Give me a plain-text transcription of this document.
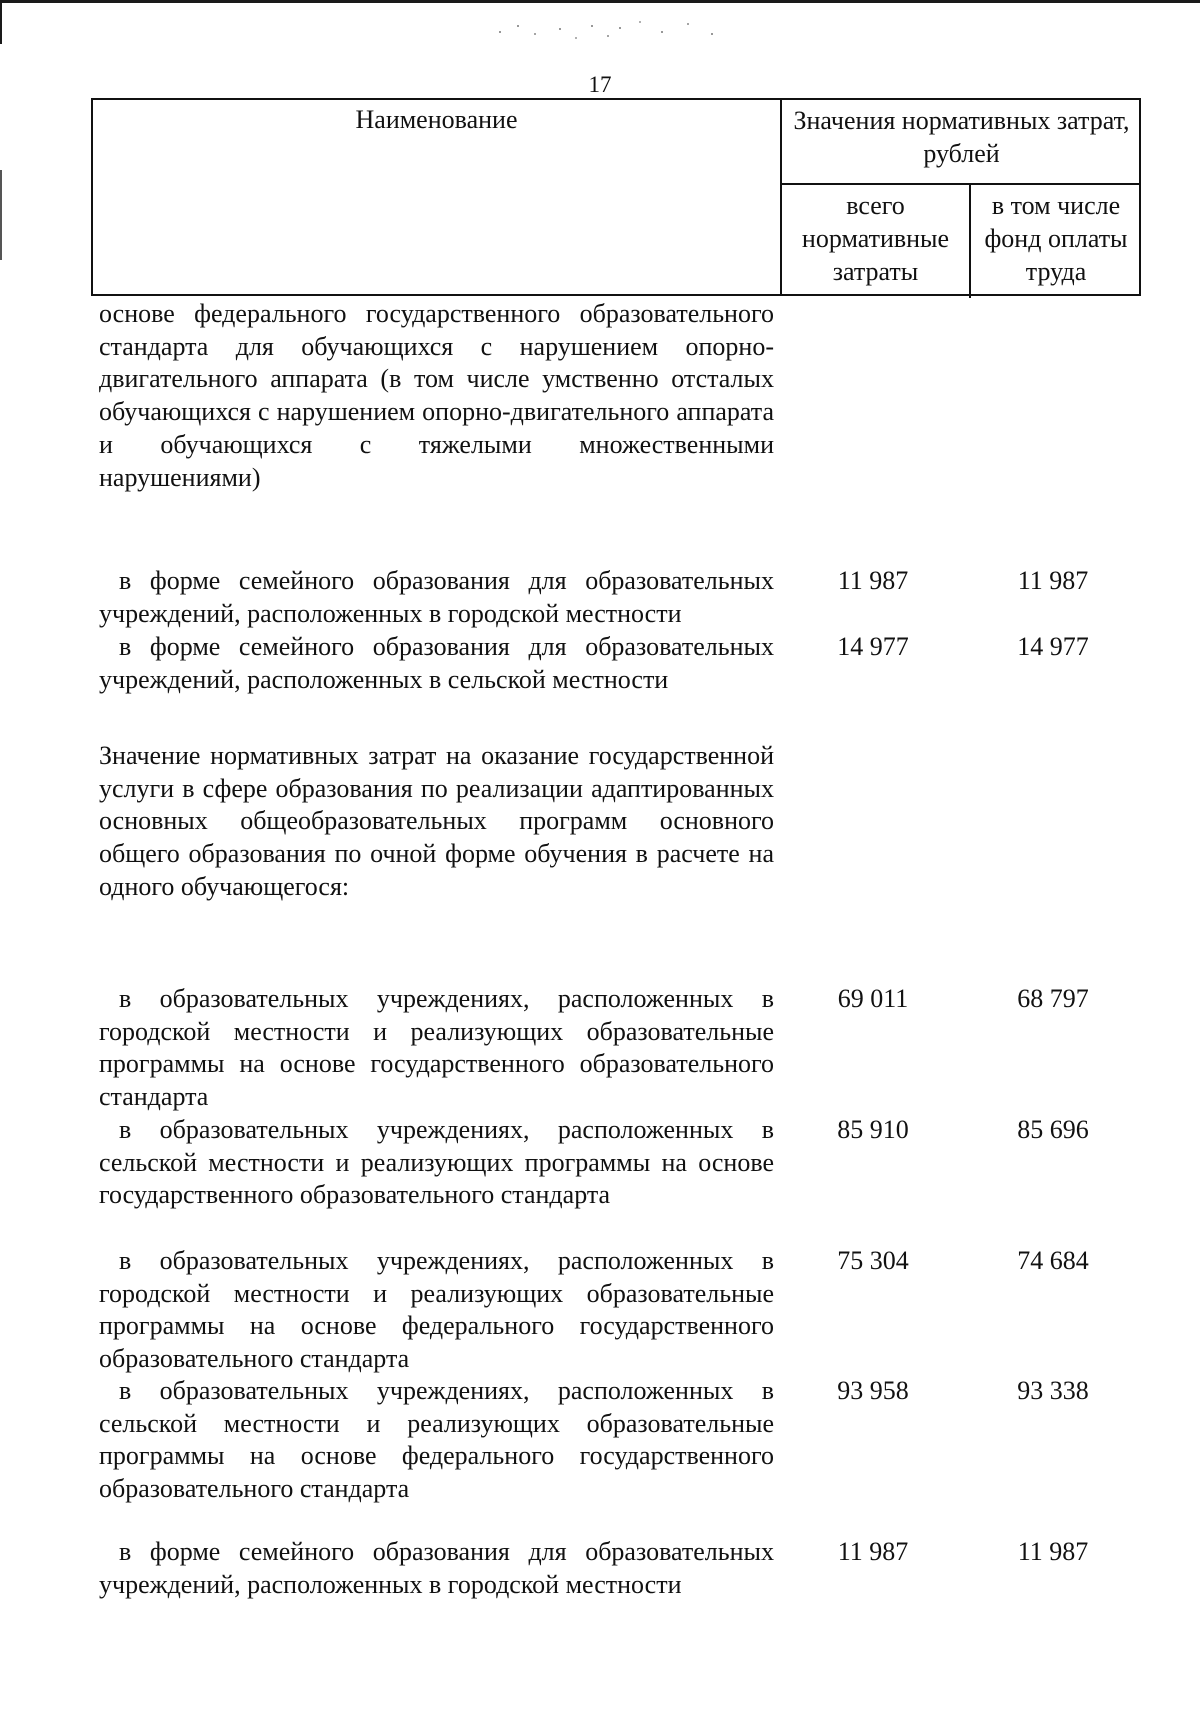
17
Наименование	Значения нормативных затрат, рублей
всего нормативные затраты
в том числе фонд оплаты труда
основе федерального государственного образовательного стандарта для обучающихся с нарушением опорно-двигательного аппарата (в том числе умственно отсталых обучающихся с нарушением опорно-двигательного аппарата и обучающихся с тяжелыми множественными нарушениями)
в форме семейного образования для образовательных учреждений, расположенных в городской местности
11 987	11 987
в форме семейного образования для образовательных учреждений, расположенных в сельской местности
14 977	14 977
Значение нормативных затрат на оказание государственной услуги в сфере образования по реализации адаптированных основных общеобразовательных программ основного общего образования по очной форме обучения в расчете на одного обучающегося:
в образовательных учреждениях, расположенных в городской местности и реализующих образовательные программы на основе государственного образовательного стандарта
69 011	68 797
в образовательных учреждениях, расположенных в сельской местности и реализующих программы на основе государственного образовательного стандарта
85 910	85 696
в образовательных учреждениях, расположенных в городской местности и реализующих образовательные программы на основе федерального государственного образовательного стандарта
75 304	74 684
в образовательных учреждениях, расположенных в сельской местности и реализующих образовательные программы на основе федерального государственного образовательного стандарта
93 958	93 338
в форме семейного образования для образовательных учреждений, расположенных в городской местности
11 987	11 987
